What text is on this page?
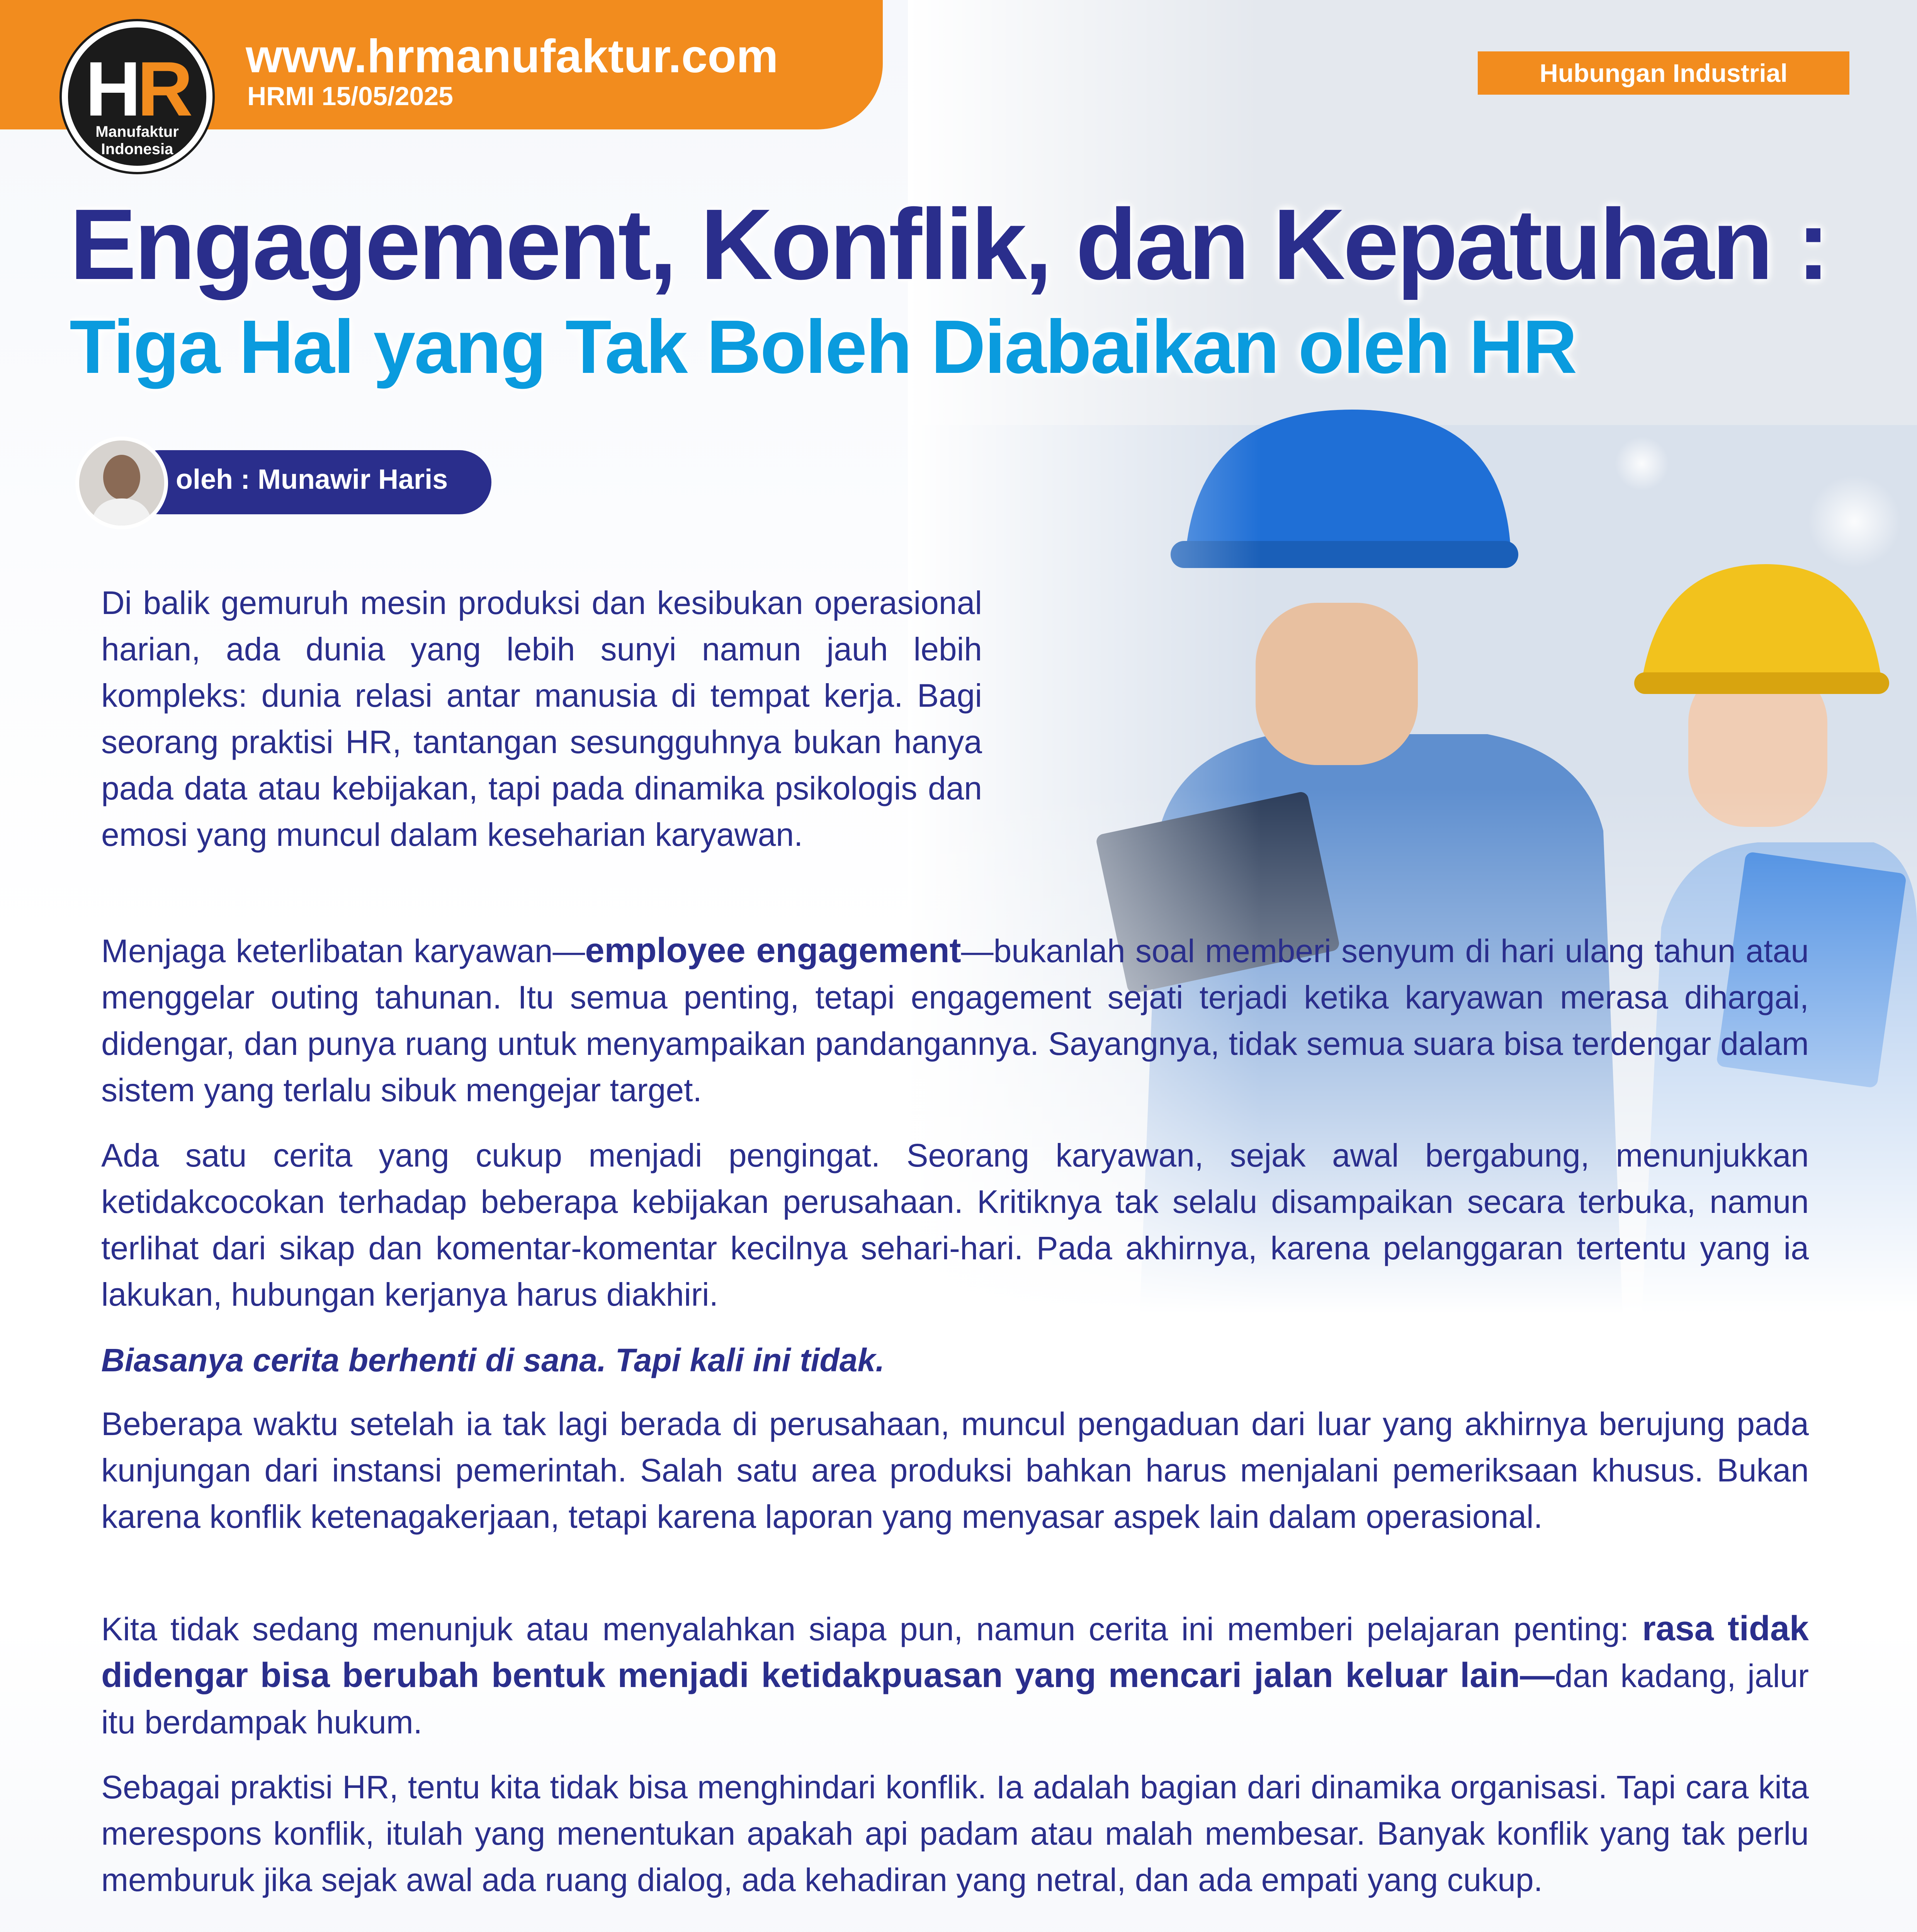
HR
Manufaktur
Indonesia
www.hrmanufaktur.com
HRMI 15/05/2025
Hubungan Industrial
Engagement, Konflik, dan Kepatuhan :
Tiga Hal yang Tak Boleh Diabaikan oleh HR
oleh : Munawir Haris

Di balik gemuruh mesin produksi dan kesibukan operasional harian, ada dunia yang lebih sunyi namun jauh lebih kompleks: dunia relasi antar manusia di tempat kerja. Bagi seorang praktisi HR, tantangan sesungguhnya bukan hanya pada data atau kebijakan, tapi pada dinamika psikologis dan emosi yang muncul dalam keseharian karyawan.

Menjaga keterlibatan karyawan—employee engagement—bukanlah soal memberi senyum di hari ulang tahun atau menggelar outing tahunan. Itu semua penting, tetapi engagement sejati terjadi ketika karyawan merasa dihargai, didengar, dan punya ruang untuk menyampaikan pandangannya. Sayangnya, tidak semua suara bisa terdengar dalam sistem yang terlalu sibuk mengejar target.

Ada satu cerita yang cukup menjadi pengingat. Seorang karyawan, sejak awal bergabung, menunjukkan ketidakcocokan terhadap beberapa kebijakan perusahaan. Kritiknya tak selalu disampaikan secara terbuka, namun terlihat dari sikap dan komentar-komentar kecilnya sehari-hari. Pada akhirnya, karena pelanggaran tertentu yang ia lakukan, hubungan kerjanya harus diakhiri.

Biasanya cerita berhenti di sana. Tapi kali ini tidak.

Beberapa waktu setelah ia tak lagi berada di perusahaan, muncul pengaduan dari luar yang akhirnya berujung pada kunjungan dari instansi pemerintah. Salah satu area produksi bahkan harus menjalani pemeriksaan khusus. Bukan karena konflik ketenagakerjaan, tetapi karena laporan yang menyasar aspek lain dalam operasional.

Kita tidak sedang menunjuk atau menyalahkan siapa pun, namun cerita ini memberi pelajaran penting: rasa tidak didengar bisa berubah bentuk menjadi ketidakpuasan yang mencari jalan keluar lain—dan kadang, jalur itu berdampak hukum.

Sebagai praktisi HR, tentu kita tidak bisa menghindari konflik. Ia adalah bagian dari dinamika organisasi. Tapi cara kita merespons konflik, itulah yang menentukan apakah api padam atau malah membesar. Banyak konflik yang tak perlu memburuk jika sejak awal ada ruang dialog, ada kehadiran yang netral, dan ada empati yang cukup.
